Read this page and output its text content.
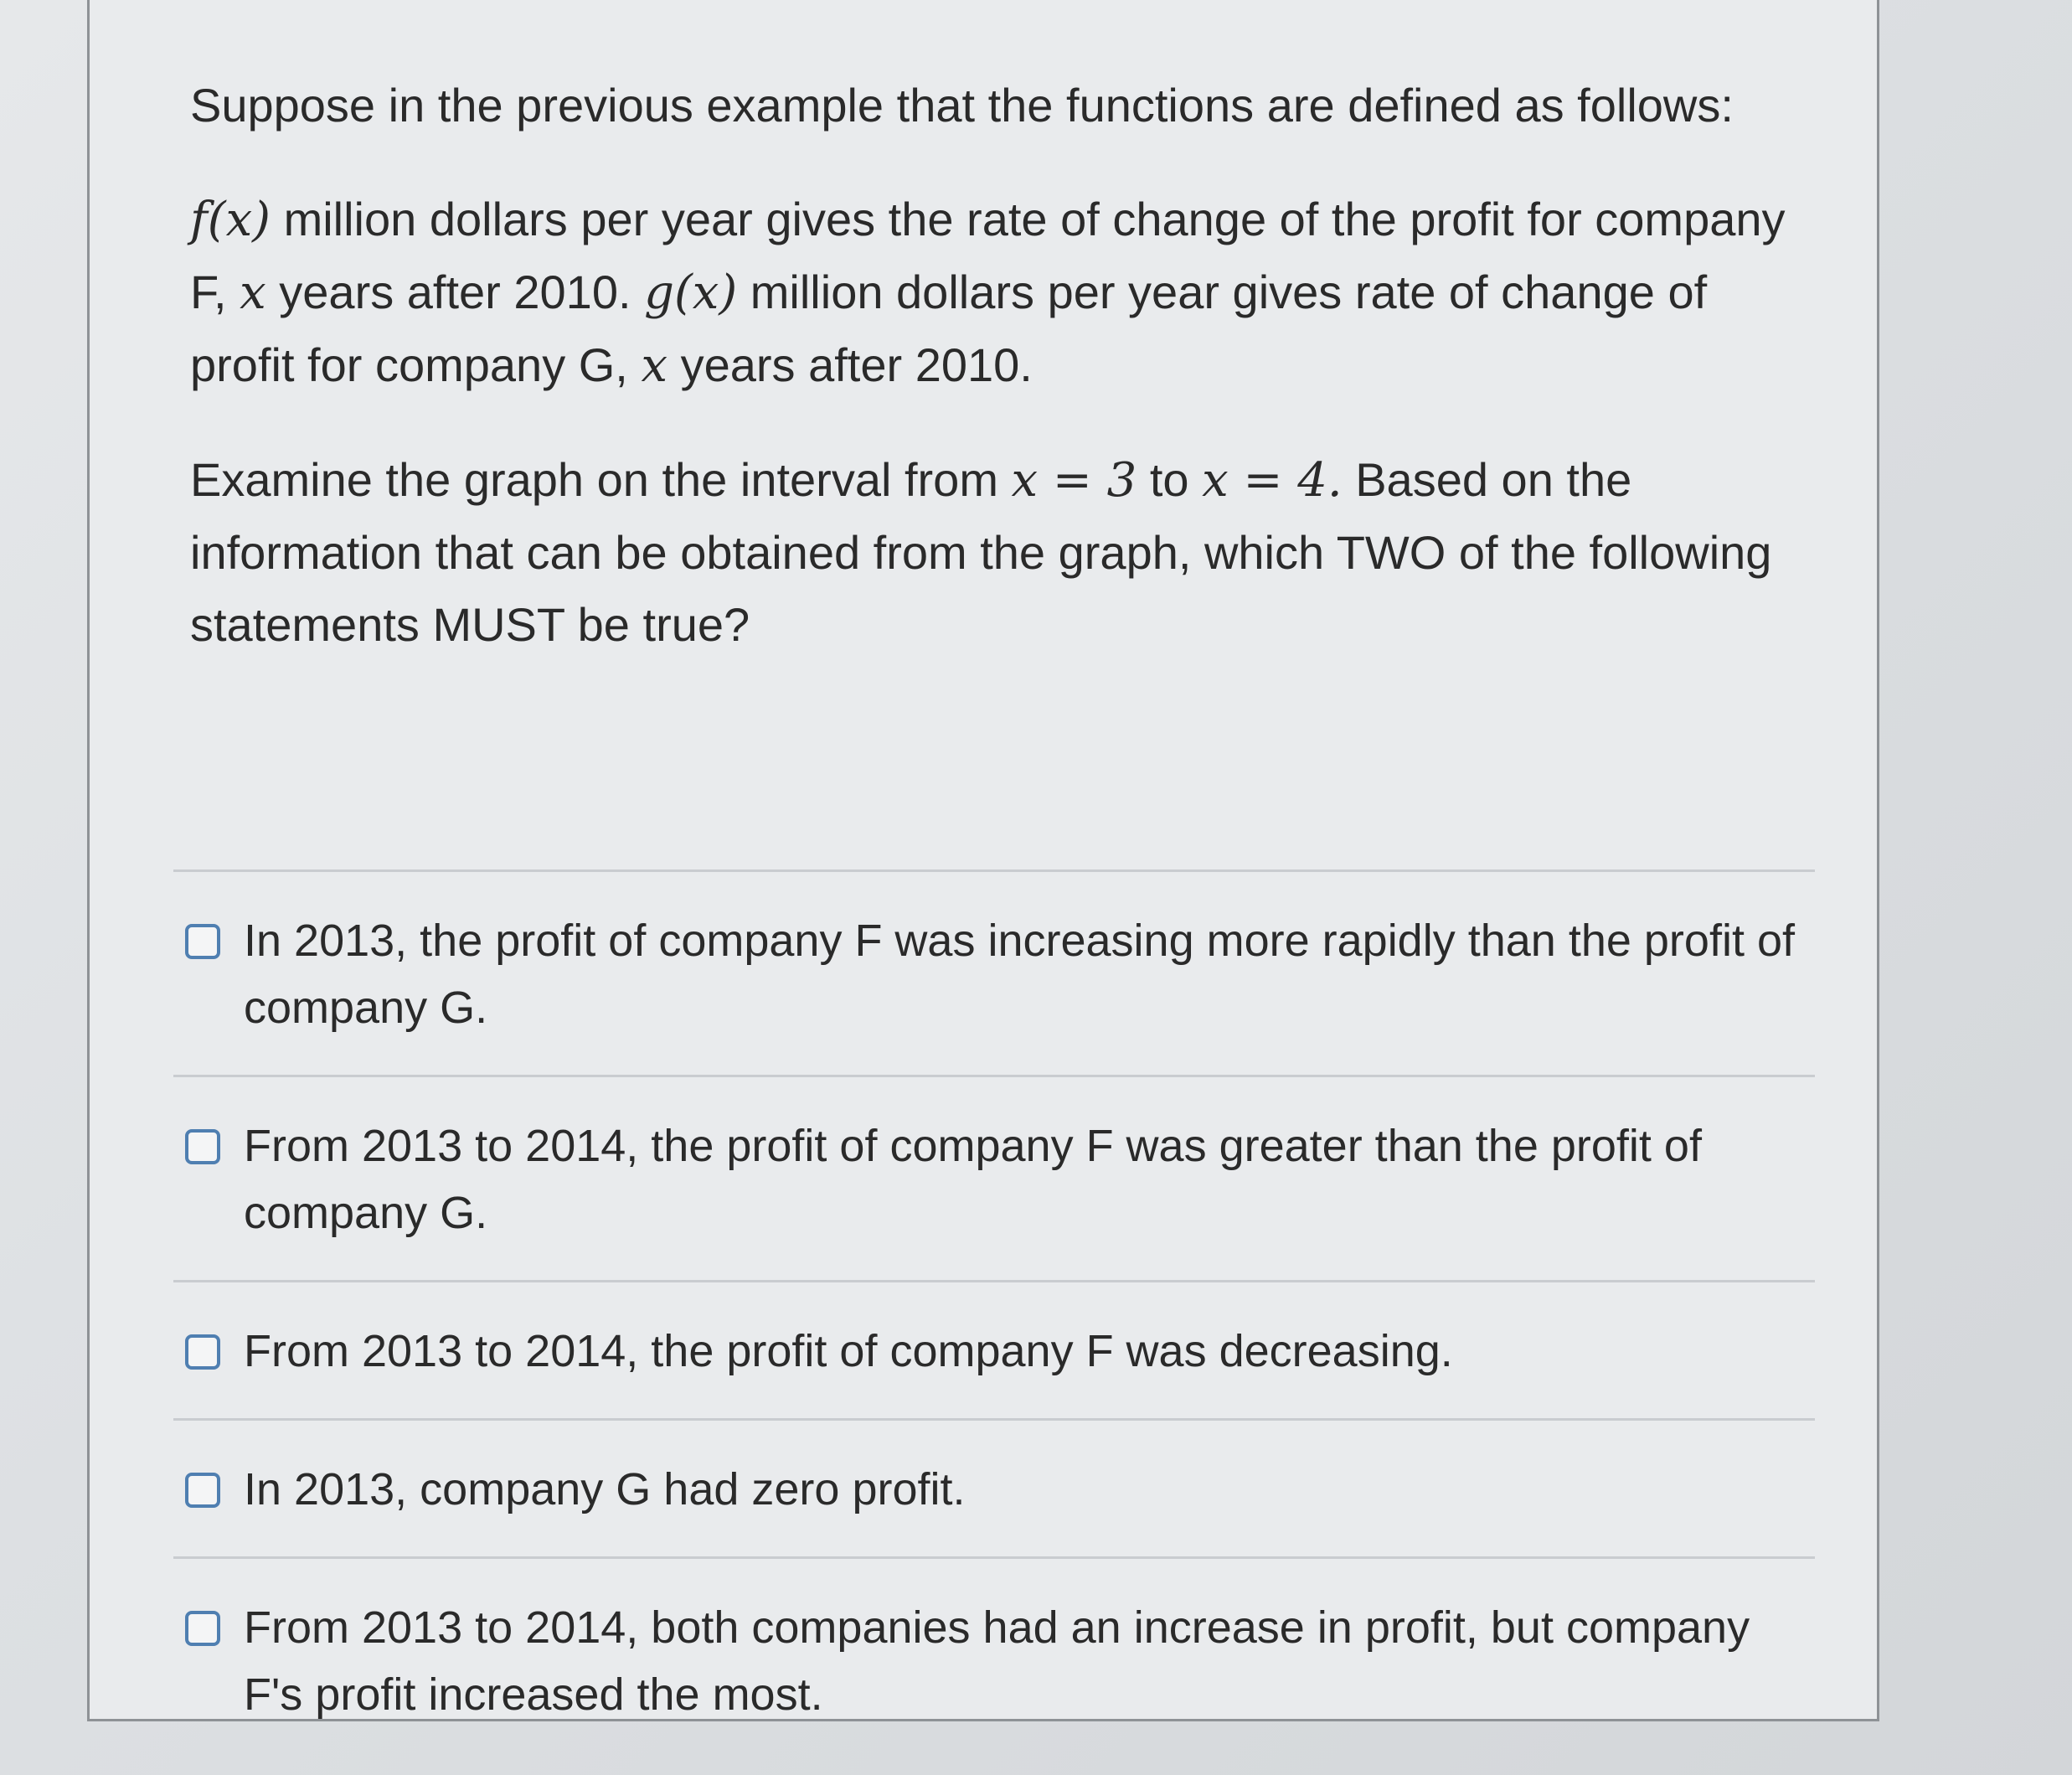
Suppose in the previous example that the functions are defined as follows:

f(x) million dollars per year gives the rate of change of the profit for company F, x years after 2010. g(x) million dollars per year gives rate of change of profit for company G, x years after 2010.

Examine the graph on the interval from x = 3 to x = 4. Based on the information that can be obtained from the graph, which TWO of the following statements MUST be true?

In 2013, the profit of company F was increasing more rapidly than the profit of company G.
From 2013 to 2014, the profit of company F was greater than the profit of company G.
From 2013 to 2014, the profit of company F was decreasing.
In 2013, company G had zero profit.
From 2013 to 2014, both companies had an increase in profit, but company F's profit increased the most.
